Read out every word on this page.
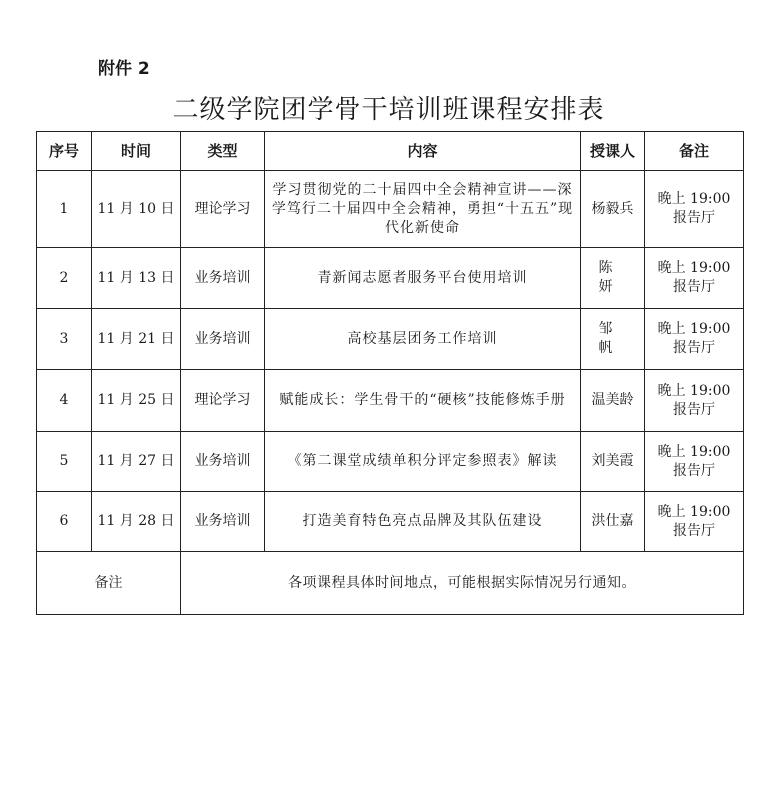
附件 2
二级学院团学骨干培训班课程安排表
序号	时间	类型	内容	授课人	备注
1	11 月 10 日	理论学习	学习贯彻党的二十届四中全会精神宣讲——深学笃行二十届四中全会精神，勇担“十五五”现代化新使命	杨毅兵	晚上 19:00
报告厅

2	11 月 13 日	业务培训	青新闻志愿者服务平台使用培训	陈妍	晚上 19:00
报告厅

3	11 月 21 日	业务培训	高校基层团务工作培训	邹帆	晚上 19:00
报告厅

4	11 月 25 日	理论学习	赋能成长：学生骨干的“硬核”技能修炼手册	温美龄	晚上 19:00
报告厅

5	11 月 27 日	业务培训	《第二课堂成绩单积分评定参照表》解读	刘美霞	晚上 19:00
报告厅

6	11 月 28 日	业务培训	打造美育特色亮点品牌及其队伍建设	洪仕嘉	晚上 19:00
报告厅

备注		各项课程具体时间地点，可能根据实际情况另行通知。			
